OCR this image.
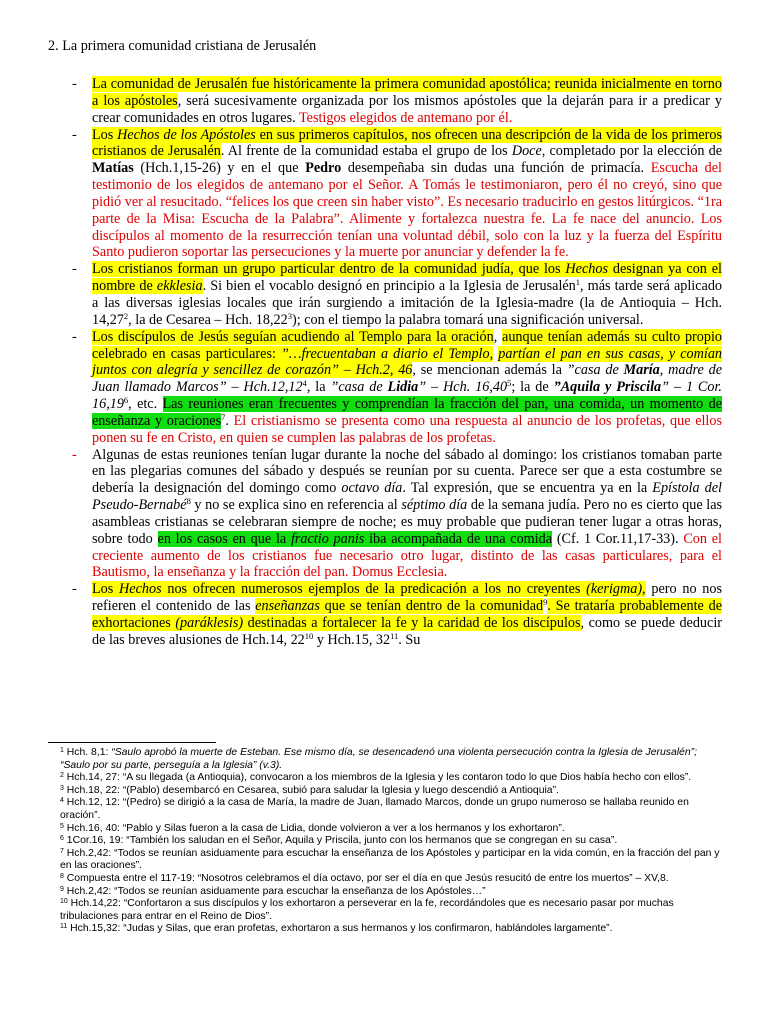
2. La primera comunidad cristiana de Jerusalén

- La comunidad de Jerusalén fue históricamente la primera comunidad apostólica; reunida inicialmente en torno a los apóstoles, será sucesivamente organizada por los mismos apóstoles que la dejarán para ir a predicar y crear comunidades en otros lugares. Testigos elegidos de antemano por él.

- Los Hechos de los Apóstoles en sus primeros capítulos, nos ofrecen una descripción de la vida de los primeros cristianos de Jerusalén. Al frente de la comunidad estaba el grupo de los Doce, completado por la elección de Matías (Hch.1,15-26) y en el que Pedro desempeñaba sin dudas una función de primacía. Escucha del testimonio de los elegidos de antemano por el Señor. A Tomás le testimoniaron, pero él no creyó, sino que pidió ver al resucitado. “felices los que creen sin haber visto”. Es necesario traducirlo en gestos litúrgicos. “1ra parte de la Misa: Escucha de la Palabra”. Alimente y fortalezca nuestra fe. La fe nace del anuncio. Los discípulos al momento de la resurrección tenían una voluntad débil, solo con la luz y la fuerza del Espíritu Santo pudieron soportar las persecuciones y la muerte por anunciar y defender la fe.

- Los cristianos forman un grupo particular dentro de la comunidad judía, que los Hechos designan ya con el nombre de ekklesia. Si bien el vocablo designó en principio a la Iglesia de Jerusalén$^1$, más tarde será aplicado a las diversas iglesias locales que irán surgiendo a imitación de la Iglesia-madre (la de Antioquia – Hch. 14,27$^2$, la de Cesarea – Hch. 18,22$^3$); con el tiempo la palabra tomará una significación universal.

- Los discípulos de Jesús seguían acudiendo al Templo para la oración, aunque tenían además su culto propio celebrado en casas particulares: ”…frecuentaban a diario el Templo, partían el pan en sus casas, y comían juntos con alegría y sencillez de corazón” – Hch.2, 46, se mencionan además la ”casa de María, madre de Juan llamado Marcos” – Hch.12,12$^4$, la ”casa de Lidia” – Hch. 16,40$^5$; la de ”Aquila y Priscila” – 1 Cor. 16,19$^6$, etc. Las reuniones eran frecuentes y comprendían la fracción del pan, una comida, un momento de enseñanza y oraciones$^7$. El cristianismo se presenta como una respuesta al anuncio de los profetas, que ellos ponen su fe en Cristo, en quien se cumplen las palabras de los profetas.

- Algunas de estas reuniones tenían lugar durante la noche del sábado al domingo: los cristianos tomaban parte en las plegarias comunes del sábado y después se reunían por su cuenta. Parece ser que a esta costumbre se debería la designación del domingo como octavo día. Tal expresión, que se encuentra ya en la Epístola del Pseudo-Bernabé$^8$ y no se explica sino en referencia al séptimo día de la semana judía. Pero no es cierto que las asambleas cristianas se celebraran siempre de noche; es muy probable que pudieran tener lugar a otras horas, sobre todo en los casos en que la fractio panis iba acompañada de una comida (Cf. 1 Cor.11,17-33). Con el creciente aumento de los cristianos fue necesario otro lugar, distinto de las casas particulares, para el Bautismo, la enseñanza y la fracción del pan. Domus Ecclesia.

- Los Hechos nos ofrecen numerosos ejemplos de la predicación a los no creyentes (kerigma), pero no nos refieren el contenido de las enseñanzas que se tenían dentro de la comunidad$^9$. Se trataría probablemente de exhortaciones (paráklesis) destinadas a fortalecer la fe y la caridad de los discípulos, como se puede deducir de las breves alusiones de Hch.14, $22^{10}$ y Hch.15, $32^{11}$. Su

$^1$ Hch. 8,1: “Saulo aprobó la muerte de Esteban. Ese mismo día, se desencadenó una violenta persecución contra la Iglesia de Jerusalén”; “Saulo por su parte, perseguía a la Iglesia” (v.3).

$^2$ Hch.14, 27: “A su llegada (a Antioquia), convocaron a los miembros de la Iglesia y les contaron todo lo que Dios había hecho con ellos”.

$^3$ Hch.18, 22: “(Pablo) desembarcó en Cesarea, subió para saludar la Iglesia y luego descendió a Antioquia”.

$^4$ Hch.12, 12: “(Pedro) se dirigió a la casa de María, la madre de Juan, llamado Marcos, donde un grupo numeroso se hallaba reunido en oración”.

$^5$ Hch.16, 40: “Pablo y Silas fueron a la casa de Lidia, donde volvieron a ver a los hermanos y los exhortaron”.

$^6$ 1Cor.16, 19: “También los saludan en el Señor, Aquila y Priscila, junto con los hermanos que se congregan en su casa”.

$^7$ Hch.2,42: “Todos se reunían asiduamente para escuchar la enseñanza de los Apóstoles y participar en la vida común, en la fracción del pan y en las oraciones”.

$^8$ Compuesta entre el 117-19: “Nosotros celebramos el día octavo, por ser el día en que Jesús resucitó de entre los muertos” – XV,8.

$^9$ Hch.2,42: “Todos se reunían asiduamente para escuchar la enseñanza de los Apóstoles…”

$^{10}$ Hch.14,22: “Confortaron a sus discípulos y los exhortaron a perseverar en la fe, recordándoles que es necesario pasar por muchas tribulaciones para entrar en el Reino de Dios”.

$^{11}$ Hch.15,32: “Judas y Silas, que eran profetas, exhortaron a sus hermanos y los confirmaron, hablándoles largamente”.
